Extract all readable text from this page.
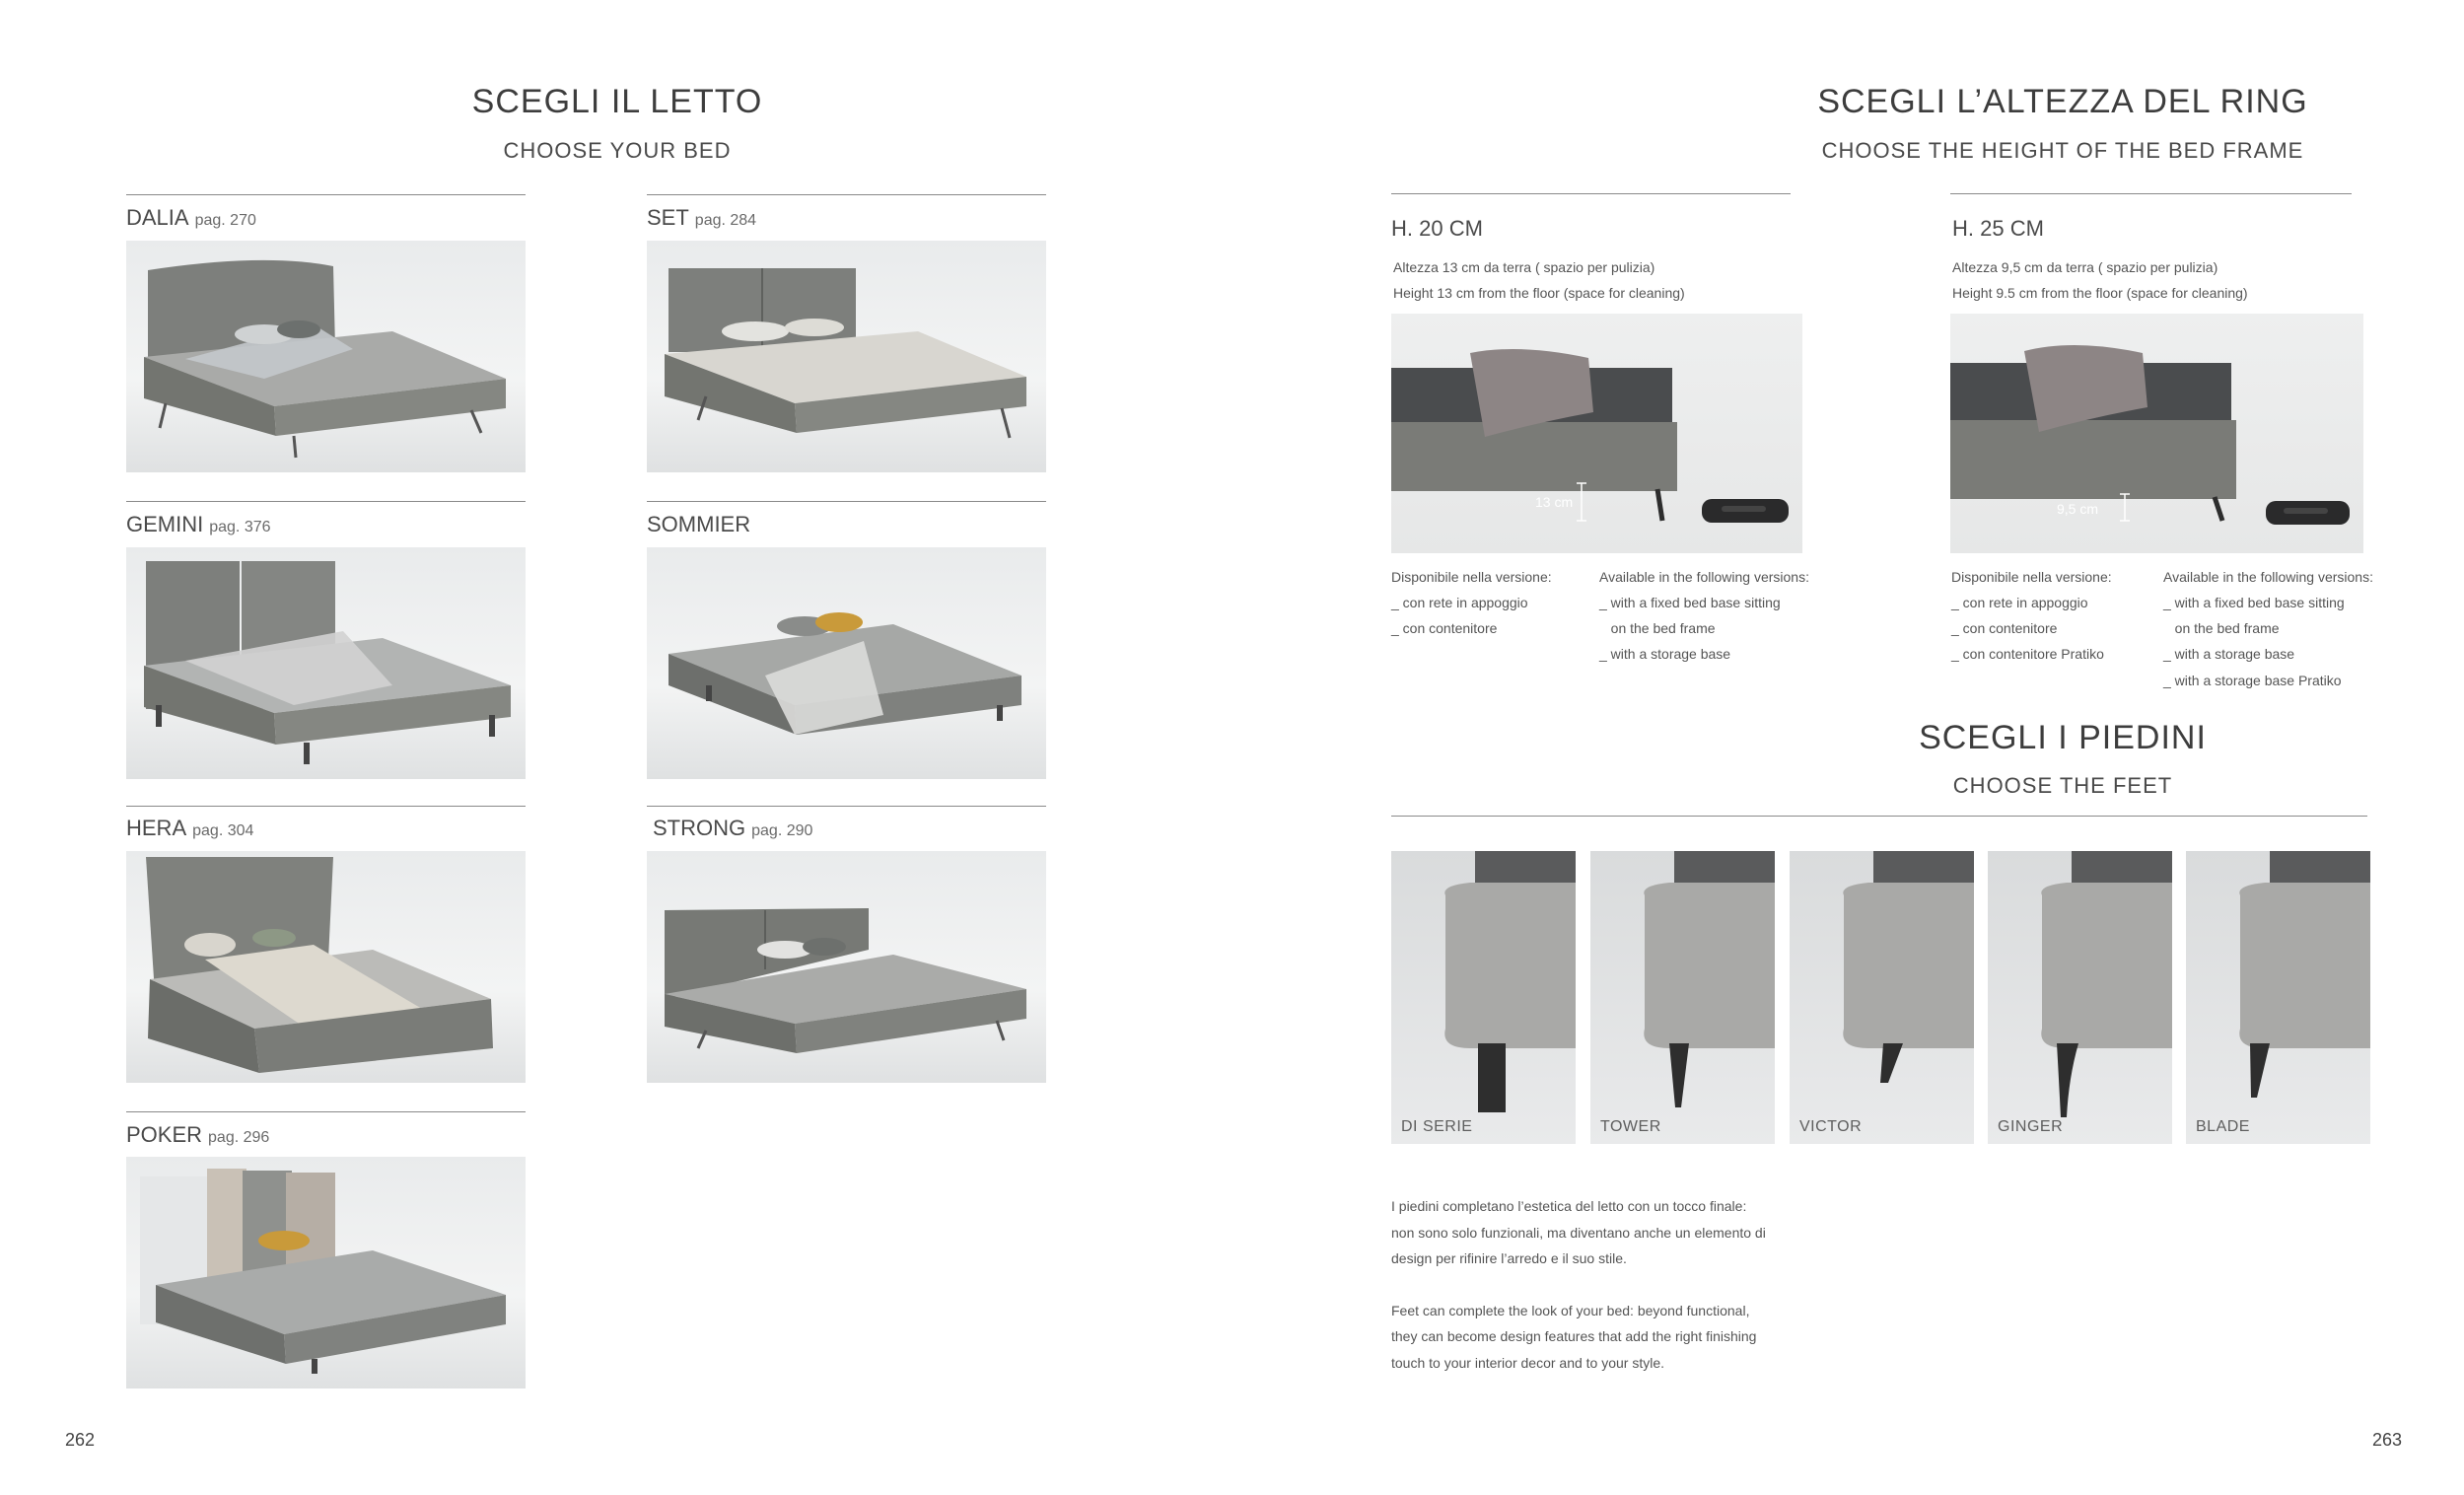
SCEGLI IL LETTO
CHOOSE YOUR BED
DALIA pag. 270	SET pag. 284
GEMINI pag. 376	SOMMIER
HERA pag. 304	STRONG pag. 290
POKER pag. 296
262
SCEGLI L’ALTEZZA DEL RING
CHOOSE THE HEIGHT OF THE BED FRAME
H. 20 CM
Altezza 13 cm da terra ( spazio per pulizia)
Height 13 cm from the floor (space for cleaning)
13 cm
Disponibile nella versione:
_ con rete in appoggio
_ con contenitore
Available in the following versions:
_ with a fixed bed base sitting
on the bed frame
_ with a storage base
H. 25 CM
Altezza 9,5 cm da terra ( spazio per pulizia)
Height 9.5 cm from the floor (space for cleaning)
9,5 cm
Disponibile nella versione:
_ con rete in appoggio
_ con contenitore
_ con contenitore Pratiko
Available in the following versions:
_ with a fixed bed base sitting
on the bed frame
_ with a storage base
_ with a storage base Pratiko
SCEGLI I PIEDINI
CHOOSE THE FEET
DI SERIE	TOWER	VICTOR	GINGER	BLADE
I piedini completano l’estetica del letto con un tocco finale:
non sono solo funzionali, ma diventano anche un elemento di
design per rifinire l’arredo e il suo stile.
Feet can complete the look of your bed: beyond functional,
they can become design features that add the right finishing
touch to your interior decor and to your style.
263
